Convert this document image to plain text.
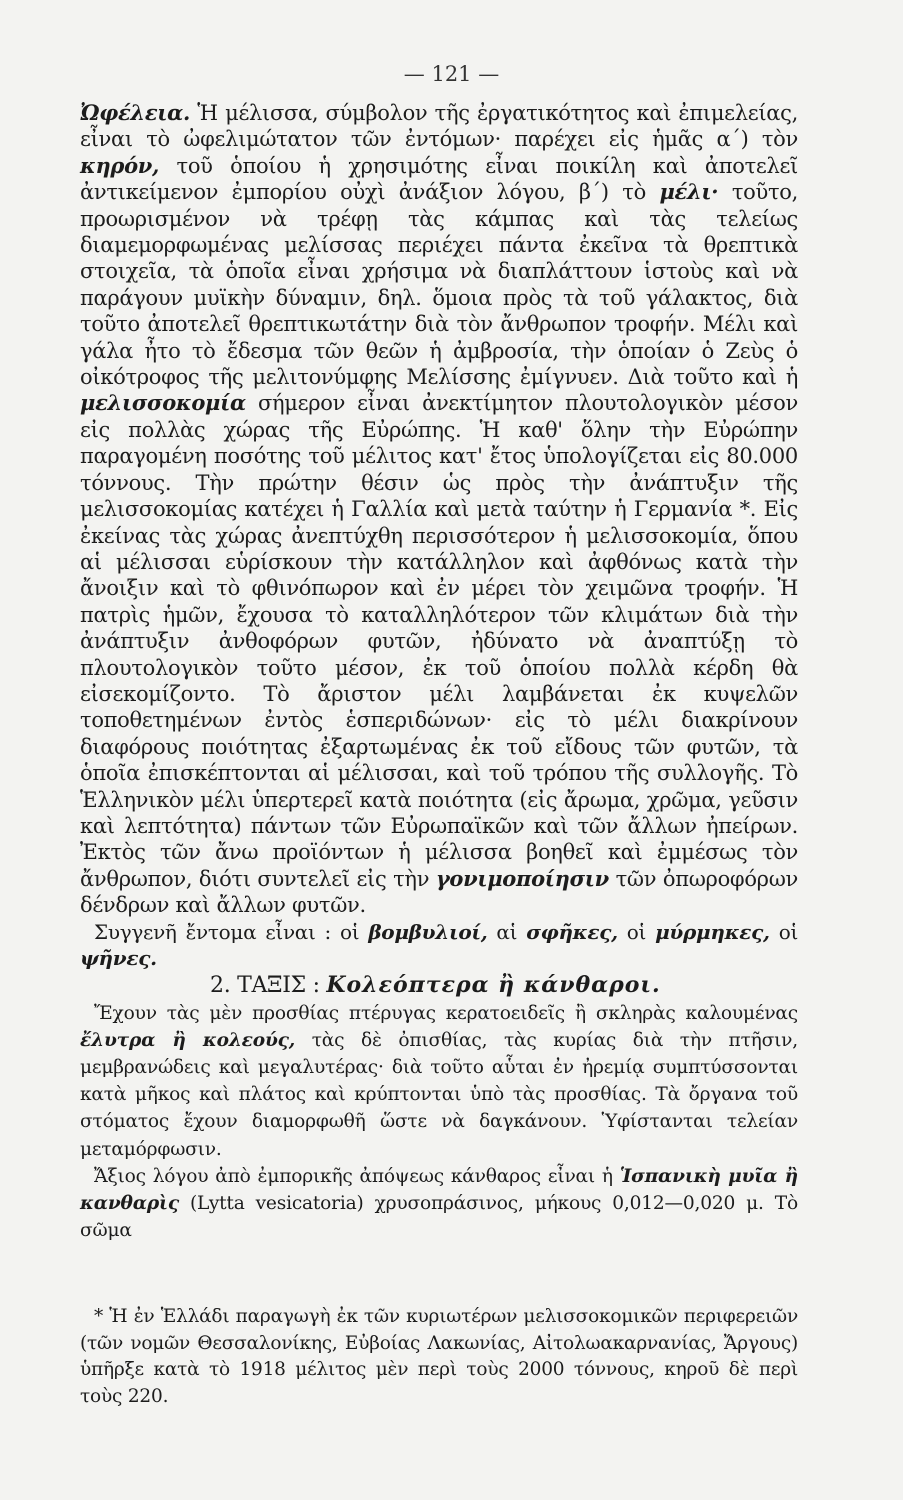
— 121 —

Ὠφέλεια. Ἡ μέλισσα, σύμβολον τῆς ἐργατικότητος καὶ ἐπιμελείας, εἶναι τὸ ὠφελιμώτατον τῶν ἐντόμων· παρέχει εἰς ἡμᾶς α΄) τὸν κηρόν, τοῦ ὁποίου ἡ χρησιμότης εἶναι ποικίλη καὶ ἀποτελεῖ ἀντικείμενον ἐμπορίου οὐχὶ ἀνάξιον λόγου, β΄) τὸ μέλι· τοῦτο, προωρισμένον νὰ τρέφῃ τὰς κάμπας καὶ τὰς τελείως διαμεμορφωμένας μελίσσας περιέχει πάντα ἐκεῖνα τὰ θρεπτικὰ στοιχεῖα, τὰ ὁποῖα εἶναι χρήσιμα νὰ διαπλάττουν ἱστοὺς καὶ νὰ παράγουν μυϊκὴν δύναμιν, δηλ. ὅμοια πρὸς τὰ τοῦ γάλακτος, διὰ τοῦτο ἀποτελεῖ θρεπτικωτάτην διὰ τὸν ἄνθρωπον τροφήν. Μέλι καὶ γάλα ἦτο τὸ ἔδεσμα τῶν θεῶν ἡ ἀμβροσία, τὴν ὁποίαν ὁ Ζεὺς ὁ οἰκότροφος τῆς μελιτονύμφης Μελίσσης ἐμίγνυεν. Διὰ τοῦτο καὶ ἡ μελισσοκομία σήμερον εἶναι ἀνεκτίμητον πλουτολογικὸν μέσον εἰς πολλὰς χώρας τῆς Εὐρώπης. Ἡ καθ' ὅλην τὴν Εὐρώπην παραγομένη ποσότης τοῦ μέλιτος κατ' ἔτος ὑπολογίζεται εἰς 80.000 τόννους. Τὴν πρώτην θέσιν ὡς πρὸς τὴν ἀνάπτυξιν τῆς μελισσοκομίας κατέχει ἡ Γαλλία καὶ μετὰ ταύτην ἡ Γερμανία *. Εἰς ἐκείνας τὰς χώρας ἀνεπτύχθη περισσότερον ἡ μελισσοκομία, ὅπου αἱ μέλισσαι εὑρίσκουν τὴν κατάλληλον καὶ ἀφθόνως κατὰ τὴν ἄνοιξιν καὶ τὸ φθινόπωρον καὶ ἐν μέρει τὸν χειμῶνα τροφήν. Ἡ πατρὶς ἡμῶν, ἔχουσα τὸ καταλληλότερον τῶν κλιμάτων διὰ τὴν ἀνάπτυξιν ἀνθοφόρων φυτῶν, ἠδύνατο νὰ ἀναπτύξῃ τὸ πλουτολογικὸν τοῦτο μέσον, ἐκ τοῦ ὁποίου πολλὰ κέρδη θὰ εἰσεκομίζοντο. Τὸ ἄριστον μέλι λαμβάνεται ἐκ κυψελῶν τοποθετημένων ἐντὸς ἑσπεριδώνων· εἰς τὸ μέλι διακρίνουν διαφόρους ποιότητας ἐξαρτωμένας ἐκ τοῦ εἴδους τῶν φυτῶν, τὰ ὁποῖα ἐπισκέπτονται αἱ μέλισσαι, καὶ τοῦ τρόπου τῆς συλλογῆς. Τὸ Ἑλληνικὸν μέλι ὑπερτερεῖ κατὰ ποιότητα (εἰς ἄρωμα, χρῶμα, γεῦσιν καὶ λεπτότητα) πάντων τῶν Εὐρωπαϊκῶν καὶ τῶν ἄλλων ἠπείρων. Ἐκτὸς τῶν ἄνω προϊόντων ἡ μέλισσα βοηθεῖ καὶ ἐμμέσως τὸν ἄνθρωπον, διότι συντελεῖ εἰς τὴν γονιμοποίησιν τῶν ὀπωροφόρων δένδρων καὶ ἄλλων φυτῶν.

Συγγενῆ ἔντομα εἶναι : οἱ βομβυλιοί, αἱ σφῆκες, οἱ μύρμηκες, οἱ ψῆνες.

2. ΤΑΞΙΣ : Κολεόπτερα ἢ κάνθαροι.

Ἔχουν τὰς μὲν προσθίας πτέρυγας κερατοειδεῖς ἢ σκληρὰς καλουμένας ἔλυτρα ἢ κολεούς, τὰς δὲ ὀπισθίας, τὰς κυρίας διὰ τὴν πτῆσιν, μεμβρανώδεις καὶ μεγαλυτέρας· διὰ τοῦτο αὗται ἐν ἠρεμίᾳ συμπτύσσονται κατὰ μῆκος καὶ πλάτος καὶ κρύπτονται ὑπὸ τὰς προσθίας. Τὰ ὄργανα τοῦ στόματος ἔχουν διαμορφωθῆ ὥστε νὰ δαγκάνουν. Ὑφίστανται τελείαν μεταμόρφωσιν.

Ἄξιος λόγου ἀπὸ ἐμπορικῆς ἀπόψεως κάνθαρος εἶναι ἡ Ἱσπανικὴ μυῖα ἢ κανθαρὶς (Lytta vesicatoria) χρυσοπράσινος, μήκους 0,012—0,020 μ. Τὸ σῶμα

* Ἡ ἐν Ἑλλάδι παραγωγὴ ἐκ τῶν κυριωτέρων μελισσοκομικῶν περιφερειῶν (τῶν νομῶν Θεσσαλονίκης, Εὐβοίας Λακωνίας, Αἰτολωακαρνανίας, Ἄργους) ὑπῆρξε κατὰ τὸ 1918 μέλιτος μὲν περὶ τοὺς 2000 τόννους, κηροῦ δὲ περὶ τοὺς 220.
